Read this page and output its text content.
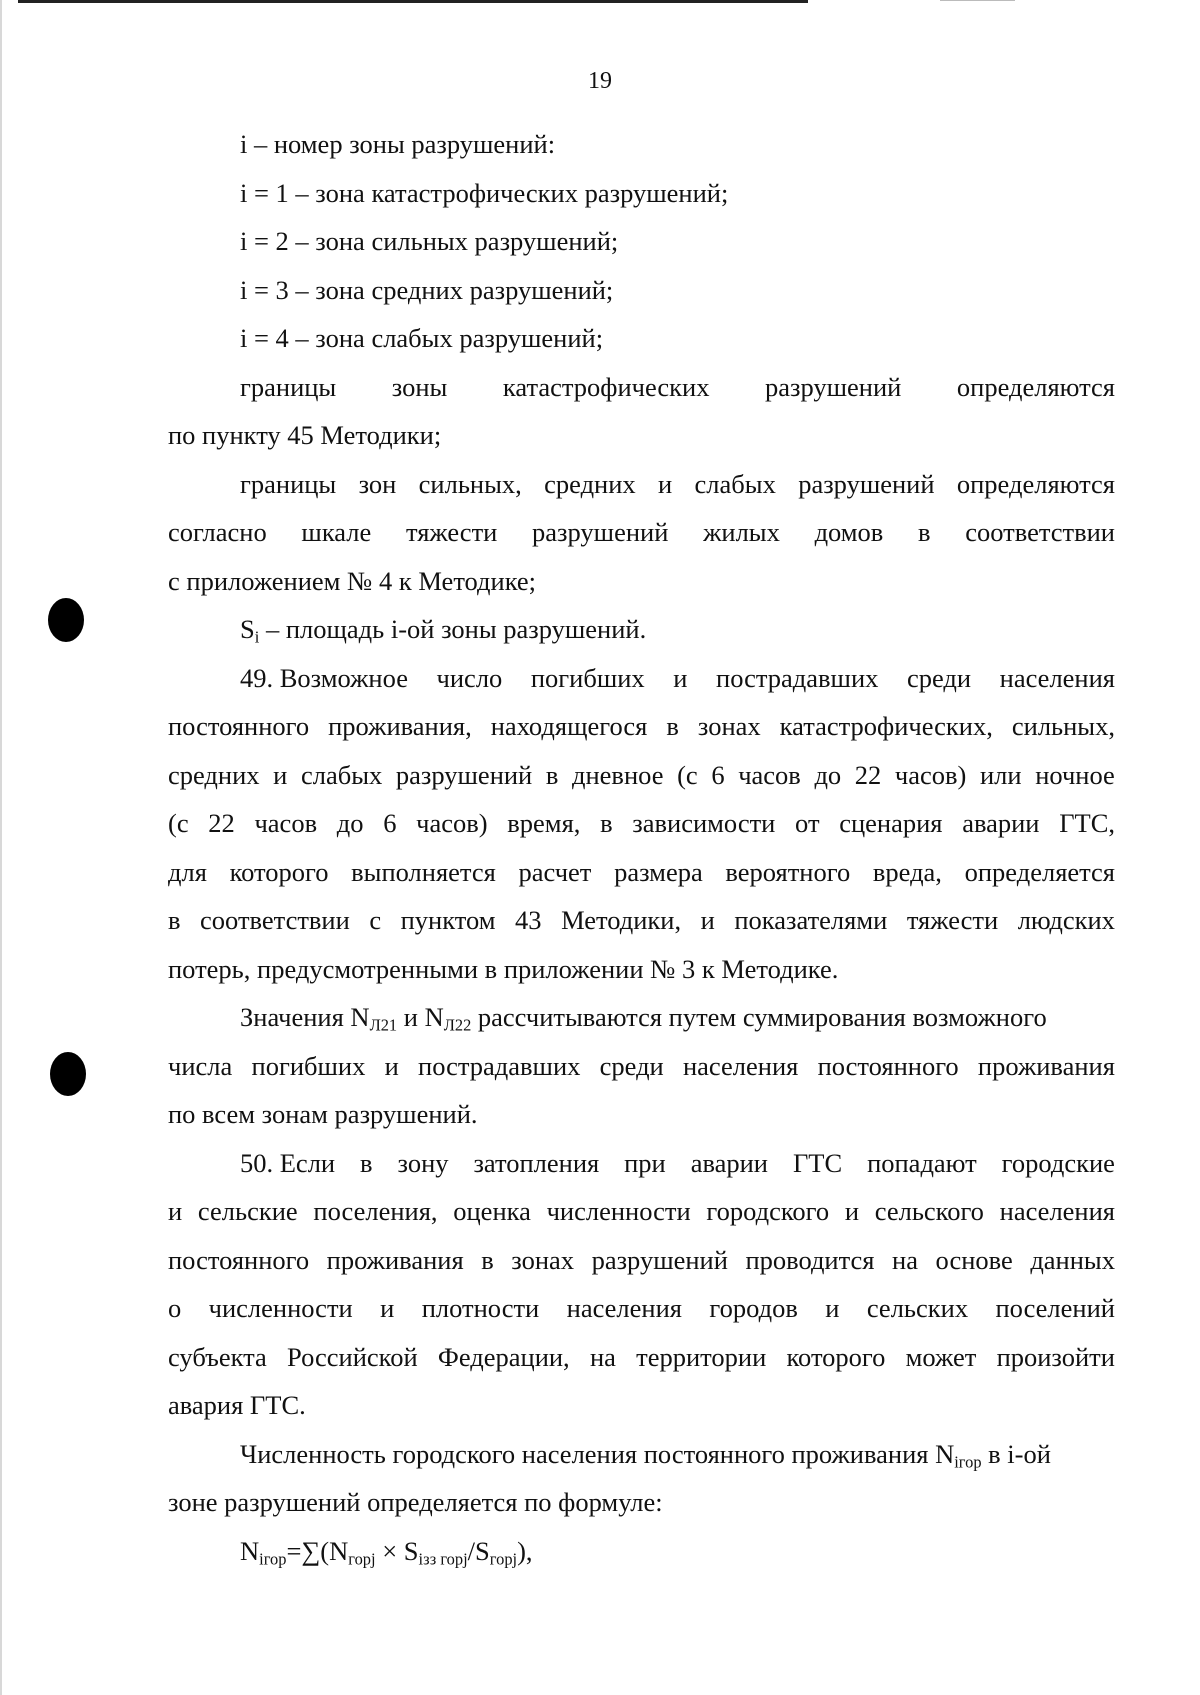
19
i – номер зоны разрушений:
i = 1 – зона катастрофических разрушений;
i = 2 – зона сильных разрушений;
i = 3 – зона средних разрушений;
i = 4 – зона слабых разрушений;
границы зоны катастрофических разрушений определяются
по пункту 45 Методики;
границы зон сильных, средних и слабых разрушений определяются
согласно шкале тяжести разрушений жилых домов в соответствии
с приложением № 4 к Методике;
$S_i$ – площадь i-ой зоны разрушений.
49. Возможное число погибших и пострадавших среди населения
постоянного проживания, находящегося в зонах катастрофических, сильных,
средних и слабых разрушений в дневное (с 6 часов до 22 часов) или ночное
(с 22 часов до 6 часов) время, в зависимости от сценария аварии ГТС,
для которого выполняется расчет размера вероятного вреда, определяется
в соответствии с пунктом 43 Методики, и показателями тяжести людских
потерь, предусмотренными в приложении № 3 к Методике.
Значения $N_{Л21}$ и $N_{Л22}$ рассчитываются путем суммирования возможного
числа погибших и пострадавших среди населения постоянного проживания
по всем зонам разрушений.
50. Если в зону затопления при аварии ГТС попадают городские
и сельские поселения, оценка численности городского и сельского населения
постоянного проживания в зонах разрушений проводится на основе данных
о численности и плотности населения городов и сельских поселений
субъекта Российской Федерации, на территории которого может произойти
авария ГТС.
Численность городского населения постоянного проживания $N_{iгор}$ в i-ой
зоне разрушений определяется по формуле:
$N_{iгор}=\sum(N_{горj} \times S_{iзз горj}/S_{горj})$,
